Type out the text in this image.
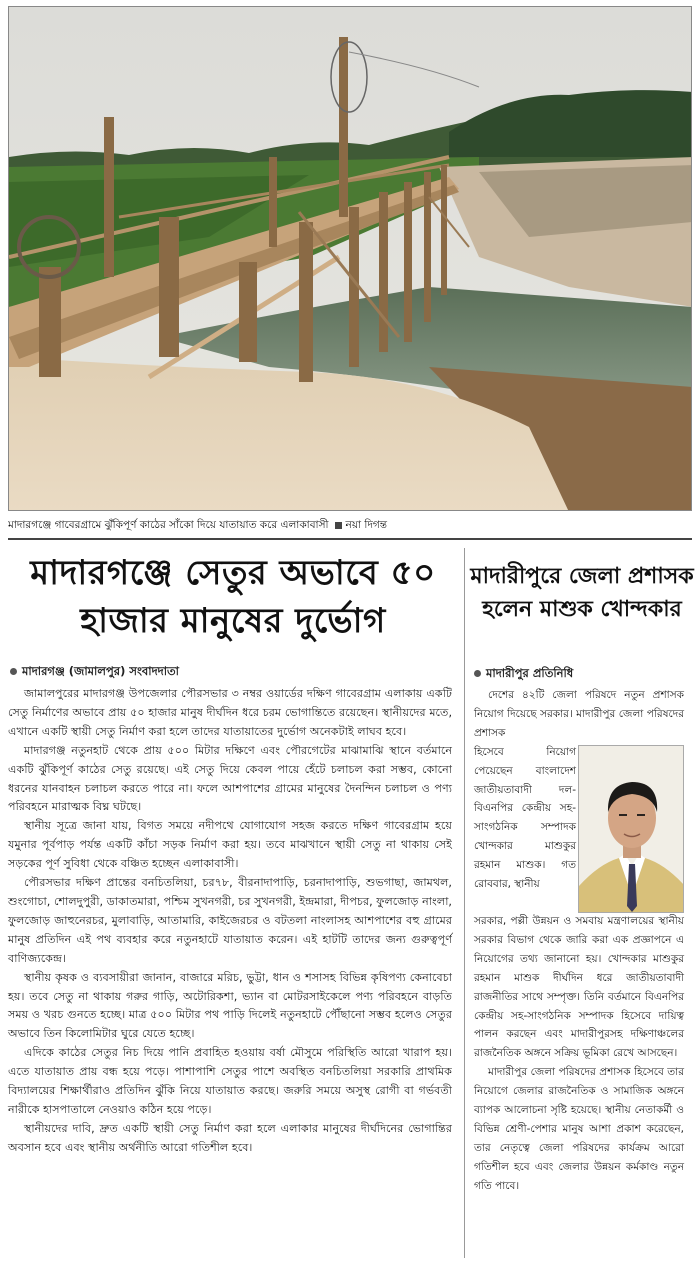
মাদারগঞ্জে গাবেরগ্রামে ঝুঁকিপূর্ণ কাঠের সাঁকো দিয়ে যাতায়াত করে এলাকাবাসী নয়া দিগন্ত
মাদারগঞ্জে সেতুর অভাবে ৫০ হাজার মানুষের দুর্ভোগ
মাদারগঞ্জ (জামালপুর) সংবাদদাতা

জামালপুরের মাদারগঞ্জ উপজেলার পৌরসভার ৩ নম্বর ওয়ার্ডের দক্ষিণ গাবেরগ্রাম এলাকায় একটি সেতু নির্মাণের অভাবে প্রায় ৫০ হাজার মানুষ দীর্ঘদিন ধরে চরম ভোগান্তিতে রয়েছেন। স্থানীয়দের মতে, এখানে একটি স্থায়ী সেতু নির্মাণ করা হলে তাদের যাতায়াতের দুর্ভোগ অনেকটাই লাঘব হবে।

মাদারগঞ্জ নতুনহাট থেকে প্রায় ৫০০ মিটার দক্ষিণে এবং পৌরগেটের মাঝামাঝি স্থানে বর্তমানে একটি ঝুঁকিপূর্ণ কাঠের সেতু রয়েছে। এই সেতু দিয়ে কেবল পায়ে হেঁটে চলাচল করা সম্ভব, কোনো ধরনের যানবাহন চলাচল করতে পারে না। ফলে আশপাশের গ্রামের মানুষের দৈনন্দিন চলাচল ও পণ্য পরিবহনে মারাত্মক বিঘ্ন ঘটছে।

স্থানীয় সূত্রে জানা যায়, বিগত সময়ে নদীপথে যোগাযোগ সহজ করতে দক্ষিণ গাবেরগ্রাম হয়ে যমুনার পূর্বপাড় পর্যন্ত একটি কাঁচা সড়ক নির্মাণ করা হয়। তবে মাঝখানে স্থায়ী সেতু না থাকায় সেই সড়কের পূর্ণ সুবিধা থেকে বঞ্চিত হচ্ছেন এলাকাবাসী।

পৌরসভার দক্ষিণ প্রান্তের বনচিতলিয়া, চর৭৮, বীরনাদাপাড়ি, চরনাদাপাড়ি, শুভগাছা, জামথল, শুংগোচা, শোলদুপুরী, ডাকাতমারা, পশ্চিম সুখনগরী, চর সুখনগরী, ইন্দ্রমারা, দীপচর, ফুলজোড় নাংলা, ফুলজোড় জাহুনেরচর, মুলাবাড়ি, আতামারি, কাইজেরচর ও বটতলা নাংলাসহ আশপাশের বহু গ্রামের মানুষ প্রতিদিন এই পথ ব্যবহার করে নতুনহাটে যাতায়াত করেন। এই হাটটি তাদের জন্য গুরুত্বপূর্ণ বাণিজ্যকেন্দ্র।

স্থানীয় কৃষক ও ব্যবসায়ীরা জানান, বাজারে মরিচ, ভুট্টা, ধান ও শসাসহ বিভিন্ন কৃষিপণ্য কেনাবেচা হয়। তবে সেতু না থাকায় গরুর গাড়ি, অটোরিকশা, ভ্যান বা মোটরসাইকেলে পণ্য পরিবহনে বাড়তি সময় ও খরচ গুনতে হচ্ছে। মাত্র ৫০০ মিটার পথ পাড়ি দিলেই নতুনহাটে পৌঁছানো সম্ভব হলেও সেতুর অভাবে তিন কিলোমিটার ঘুরে যেতে হচ্ছে।

এদিকে কাঠের সেতুর নিচ দিয়ে পানি প্রবাহিত হওয়ায় বর্ষা মৌসুমে পরিস্থিতি আরো খারাপ হয়। এতে যাতায়াত প্রায় বন্ধ হয়ে পড়ে। পাশাপাশি সেতুর পাশে অবস্থিত বনচিতলিয়া সরকারি প্রাথমিক বিদ্যালয়ের শিক্ষার্থীরাও প্রতিদিন ঝুঁকি নিয়ে যাতায়াত করছে। জরুরি সময়ে অসুস্থ রোগী বা গর্ভবতী নারীকে হাসপাতালে নেওয়াও কঠিন হয়ে পড়ে।

স্থানীয়দের দাবি, দ্রুত একটি স্থায়ী সেতু নির্মাণ করা হলে এলাকার মানুষের দীর্ঘদিনের ভোগান্তির অবসান হবে এবং স্থানীয় অর্থনীতি আরো গতিশীল হবে।

মাদারীপুরে জেলা প্রশাসক হলেন মাশুক খোন্দকার
মাদারীপুর প্রতিনিধি

দেশের ৪২টি জেলা পরিষদে নতুন প্রশাসক নিয়োগ দিয়েছে সরকার। মাদারীপুর জেলা পরিষদের প্রশাসক

হিসেবে নিয়োগ পেয়েছেন বাংলাদেশ জাতীয়তাবাদী দল-বিএনপির কেন্দ্রীয় সহ-সাংগঠনিক সম্পাদক খোন্দকার মাশুকুর রহমান মাশুক। গত রোববার, স্থানীয়

সরকার, পল্লী উন্নয়ন ও সমবায় মন্ত্রণালয়ের স্থানীয় সরকার বিভাগ থেকে জারি করা এক প্রজ্ঞাপনে এ নিয়োগের তথ্য জানানো হয়। খোন্দকার মাশুকুর রহমান মাশুক দীর্ঘদিন ধরে জাতীয়তাবাদী রাজনীতির সাথে সম্পৃক্ত। তিনি বর্তমানে বিএনপির কেন্দ্রীয় সহ-সাংগঠনিক সম্পাদক হিসেবে দায়িত্ব পালন করছেন এবং মাদারীপুরসহ দক্ষিণাঞ্চলের রাজনৈতিক অঙ্গনে সক্রিয় ভূমিকা রেখে আসছেন।

মাদারীপুর জেলা পরিষদের প্রশাসক হিসেবে তার নিয়োগে জেলার রাজনৈতিক ও সামাজিক অঙ্গনে ব্যাপক আলোচনা সৃষ্টি হয়েছে। স্থানীয় নেতাকর্মী ও বিভিন্ন শ্রেণী-পেশার মানুষ আশা প্রকাশ করেছেন, তার নেতৃত্বে জেলা পরিষদের কার্যক্রম আরো গতিশীল হবে এবং জেলার উন্নয়ন কর্মকাণ্ড নতুন গতি পাবে।
